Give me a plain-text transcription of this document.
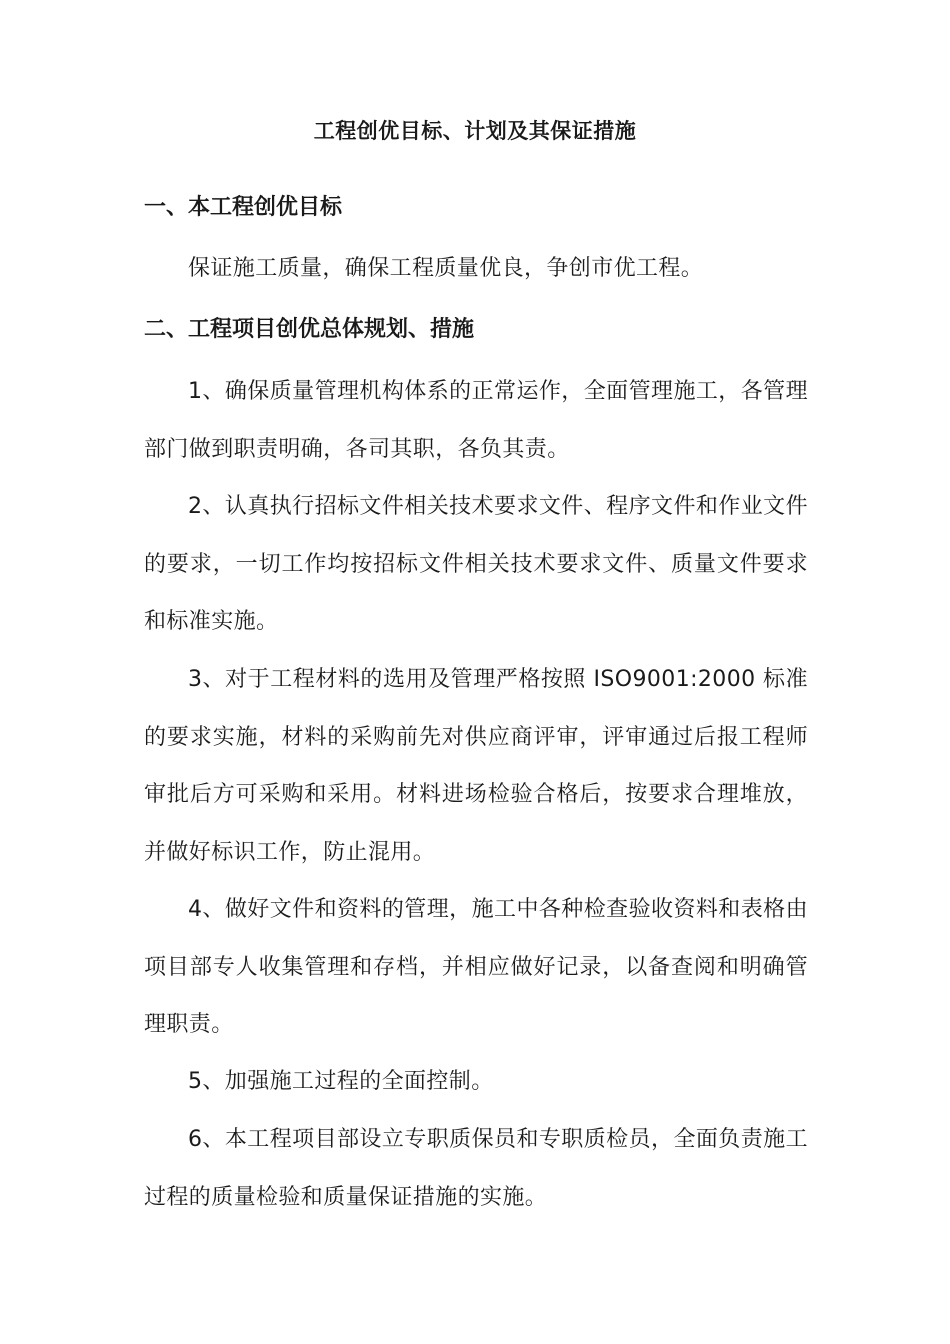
工程创优目标、计划及其保证措施
一、本工程创优目标
保证施工质量，确保工程质量优良，争创市优工程。
二、工程项目创优总体规划、措施
1、确保质量管理机构体系的正常运作，全面管理施工，各管理部门做到职责明确，各司其职，各负其责。
2、认真执行招标文件相关技术要求文件、程序文件和作业文件的要求，一切工作均按招标文件相关技术要求文件、质量文件要求和标准实施。
3、对于工程材料的选用及管理严格按照 ISO9001:2000 标准的要求实施，材料的采购前先对供应商评审，评审通过后报工程师审批后方可采购和采用。材料进场检验合格后，按要求合理堆放，并做好标识工作，防止混用。
4、做好文件和资料的管理，施工中各种检查验收资料和表格由项目部专人收集管理和存档，并相应做好记录，以备查阅和明确管理职责。
5、加强施工过程的全面控制。
6、本工程项目部设立专职质保员和专职质检员，全面负责施工过程的质量检验和质量保证措施的实施。
